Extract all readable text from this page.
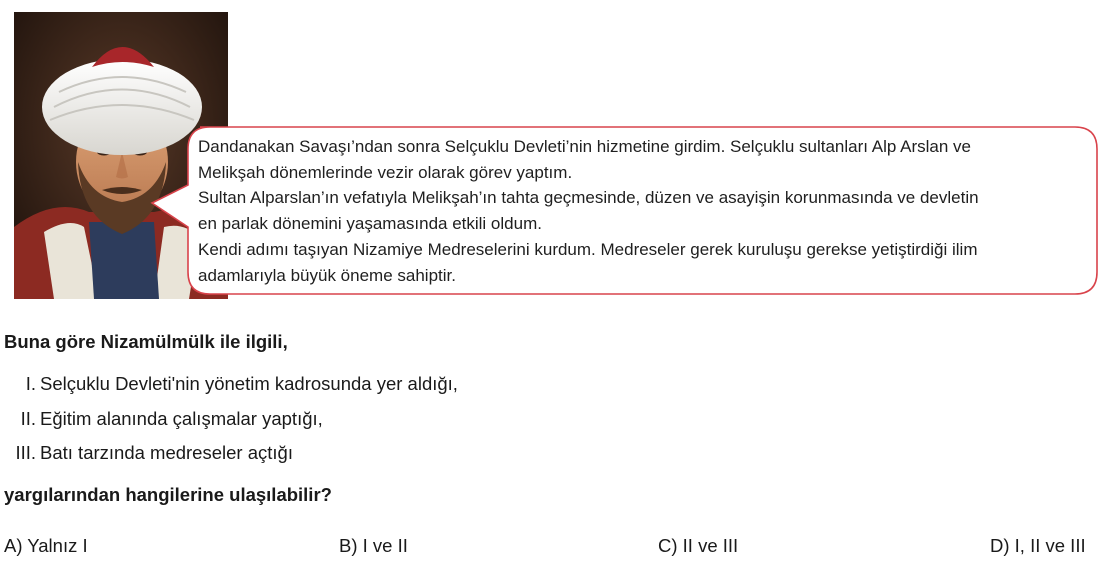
Dandanakan Savaşı’ndan sonra Selçuklu Devleti’nin hizmetine girdim. Selçuklu sultanları Alp Arslan ve
Melikşah dönemlerinde vezir olarak görev yaptım.
Sultan Alparslan’ın vefatıyla Melikşah’ın tahta geçmesinde, düzen ve asayişin korunmasında ve devletin
en parlak dönemini yaşamasında etkili oldum.
Kendi adımı taşıyan Nizamiye Medreselerini kurdum. Medreseler gerek kuruluşu gerekse yetiştirdiği ilim
adamlarıyla büyük öneme sahiptir.
Buna göre Nizamülmülk ile ilgili,
I. Selçuklu Devleti'nin yönetim kadrosunda yer aldığı,
II. Eğitim alanında çalışmalar yaptığı,
III. Batı tarzında medreseler açtığı
yargılarından hangilerine ulaşılabilir?
A) Yalnız I	B) I ve II	C) II ve III	D) I, II ve III
